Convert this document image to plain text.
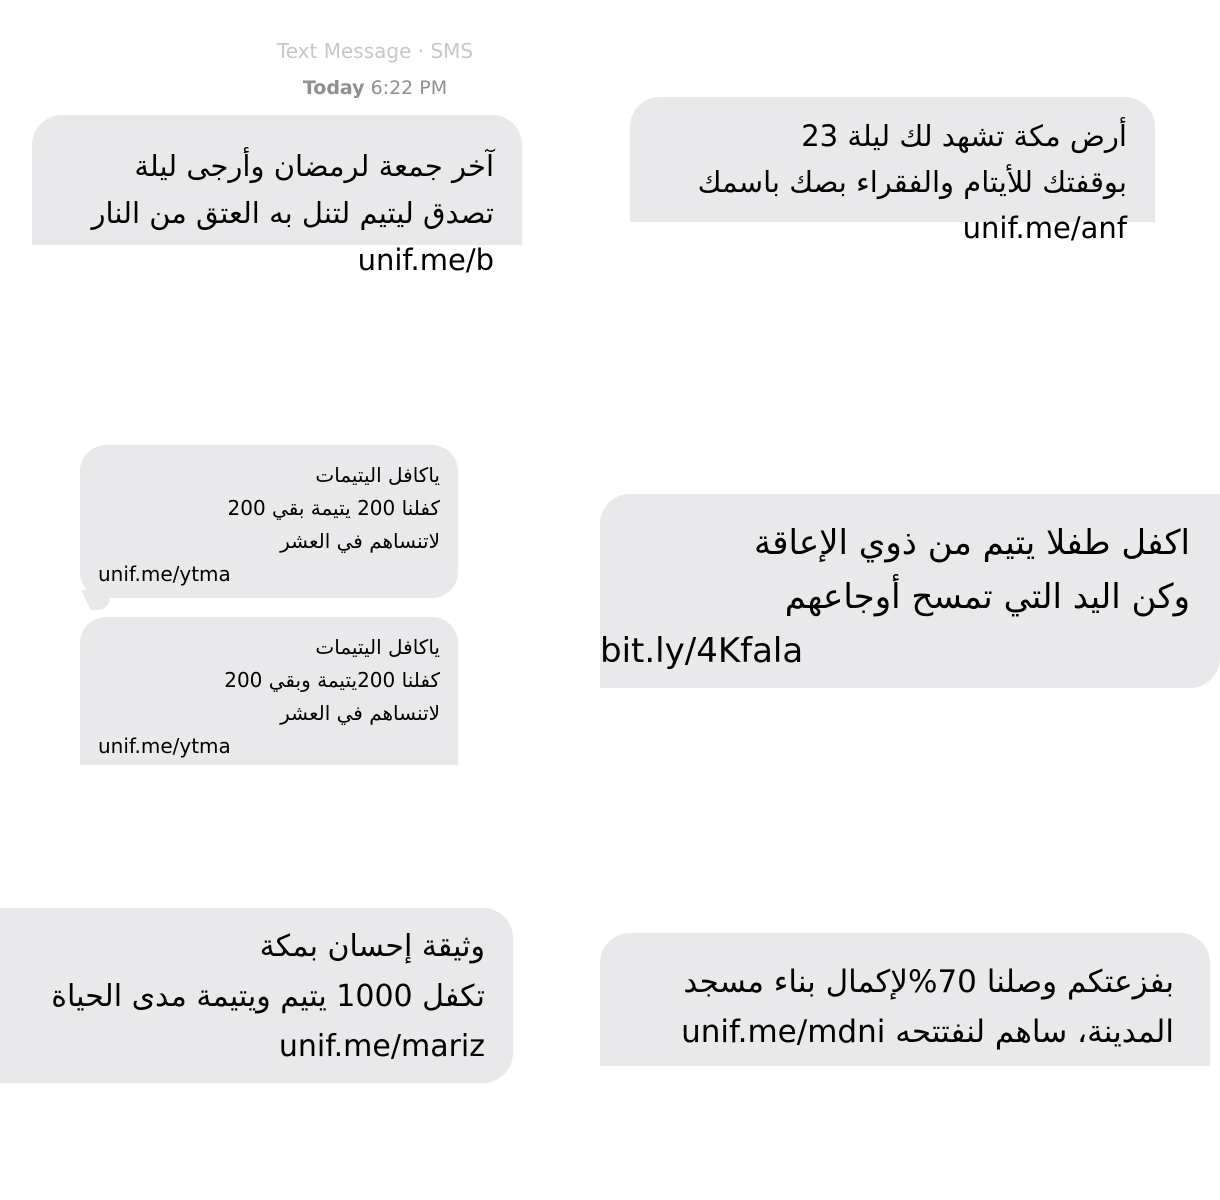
Text Message · SMS
Today 6:22 PM
آخر جمعة لرمضان وأرجى ليلة
تصدق ليتيم لتنل به العتق من النار
unif.me/b
أرض مكة تشهد لك ليلة 23
بوقفتك للأيتام والفقراء بصك باسمك
unif.me/anf
ياكافل اليتيمات
كفلنا 200 يتيمة بقي 200
لاتنساهم في العشر
unif.me/ytma
ياكافل اليتيمات
كفلنا 200يتيمة وبقي 200
لاتنساهم في العشر
unif.me/ytma
اكفل طفلا يتيم من ذوي الإعاقة
وكن اليد التي تمسح أوجاعهم
bit.ly/4Kfala
وثيقة إحسان بمكة
تكفل 1000 يتيم ويتيمة مدى الحياة
unif.me/mariz
بفزعتكم وصلنا 70%لإكمال بناء مسجد
المدينة، ساهم لنفتتحه unif.me/mdni
